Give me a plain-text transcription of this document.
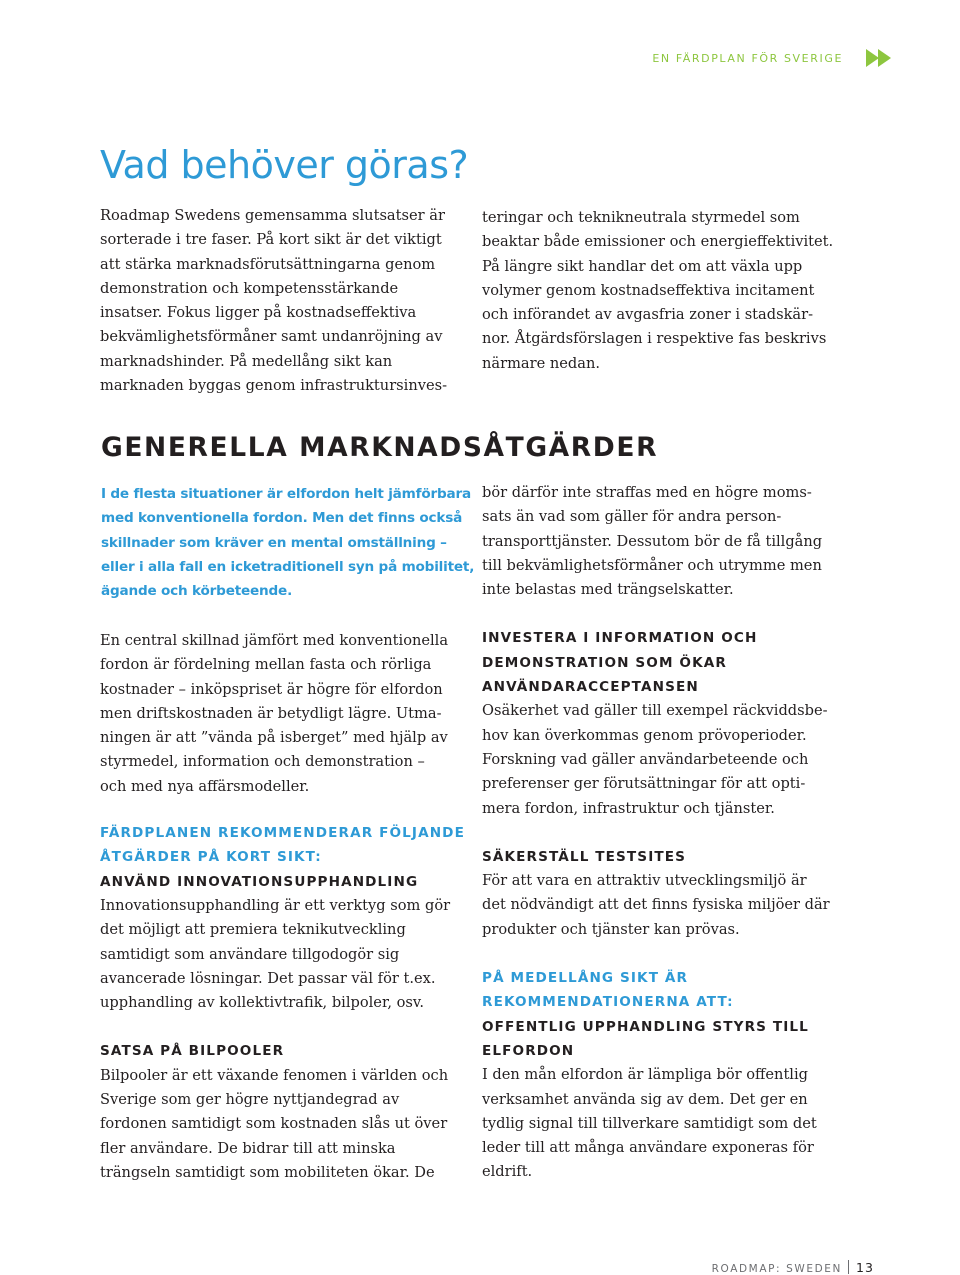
EN FÄRDPLAN FÖR SVERIGE
Vad behöver göras?
Roadmap Swedens gemensamma slutsatser är
sorterade i tre faser. På kort sikt är det viktigt
att stärka marknadsförutsättningarna genom
demonstration och kompetensstärkande
insatser. Fokus ligger på kostnadseffektiva
bekvämlighetsförmåner samt undanröjning av
marknadshinder. På medellång sikt kan
marknaden byggas genom infrastruktursinves-
teringar och teknikneutrala styrmedel som
beaktar både emissioner och energieffektivitet.
På längre sikt handlar det om att växla upp
volymer genom kostnadseffektiva incitament
och införandet av avgasfria zoner i stadskär-
nor. Åtgärdsförslagen i respektive fas beskrivs
närmare nedan.
GENERELLA MARKNADSÅTGÄRDER
I de flesta situationer är elfordon helt jämförbara
med konventionella fordon. Men det finns också
skillnader som kräver en mental omställning –
eller i alla fall en icketraditionell syn på mobilitet,
ägande och körbeteende.
En central skillnad jämfört med konventionella
fordon är fördelning mellan fasta och rörliga
kostnader – inköpspriset är högre för elfordon
men driftskostnaden är betydligt lägre. Utma-
ningen är att ”vända på isberget” med hjälp av
styrmedel, information och demonstration –
och med nya affärsmodeller.
FÄRDPLANEN REKOMMENDERAR FÖLJANDE
ÅTGÄRDER PÅ KORT SIKT:
ANVÄND INNOVATIONSUPPHANDLING
Innovationsupphandling är ett verktyg som gör
det möjligt att premiera teknikutveckling
samtidigt som användare tillgodogör sig
avancerade lösningar. Det passar väl för t.ex.
upphandling av kollektivtrafik, bilpoler, osv.
SATSA PÅ BILPOOLER
Bilpooler är ett växande fenomen i världen och
Sverige som ger högre nyttjandegrad av
fordonen samtidigt som kostnaden slås ut över
fler användare. De bidrar till att minska
trängseln samtidigt som mobiliteten ökar. De
bör därför inte straffas med en högre moms-
sats än vad som gäller för andra person-
transporttjänster. Dessutom bör de få tillgång
till bekvämlighetsförmåner och utrymme men
inte belastas med trängselskatter.
INVESTERA I INFORMATION OCH
DEMONSTRATION SOM ÖKAR
ANVÄNDARACCEPTANSEN
Osäkerhet vad gäller till exempel räckviddsbe-
hov kan överkommas genom prövoperioder.
Forskning vad gäller användarbeteende och
preferenser ger förutsättningar för att opti-
mera fordon, infrastruktur och tjänster.
SÄKERSTÄLL TESTSITES
För att vara en attraktiv utvecklingsmiljö är
det nödvändigt att det finns fysiska miljöer där
produkter och tjänster kan prövas.
PÅ MEDELLÅNG SIKT ÄR
REKOMMENDATIONERNA ATT:
OFFENTLIG UPPHANDLING STYRS TILL
ELFORDON
I den mån elfordon är lämpliga bör offentlig
verksamhet använda sig av dem. Det ger en
tydlig signal till tillverkare samtidigt som det
leder till att många användare exponeras för
eldrift.
ROADMAP: SWEDEN 13
